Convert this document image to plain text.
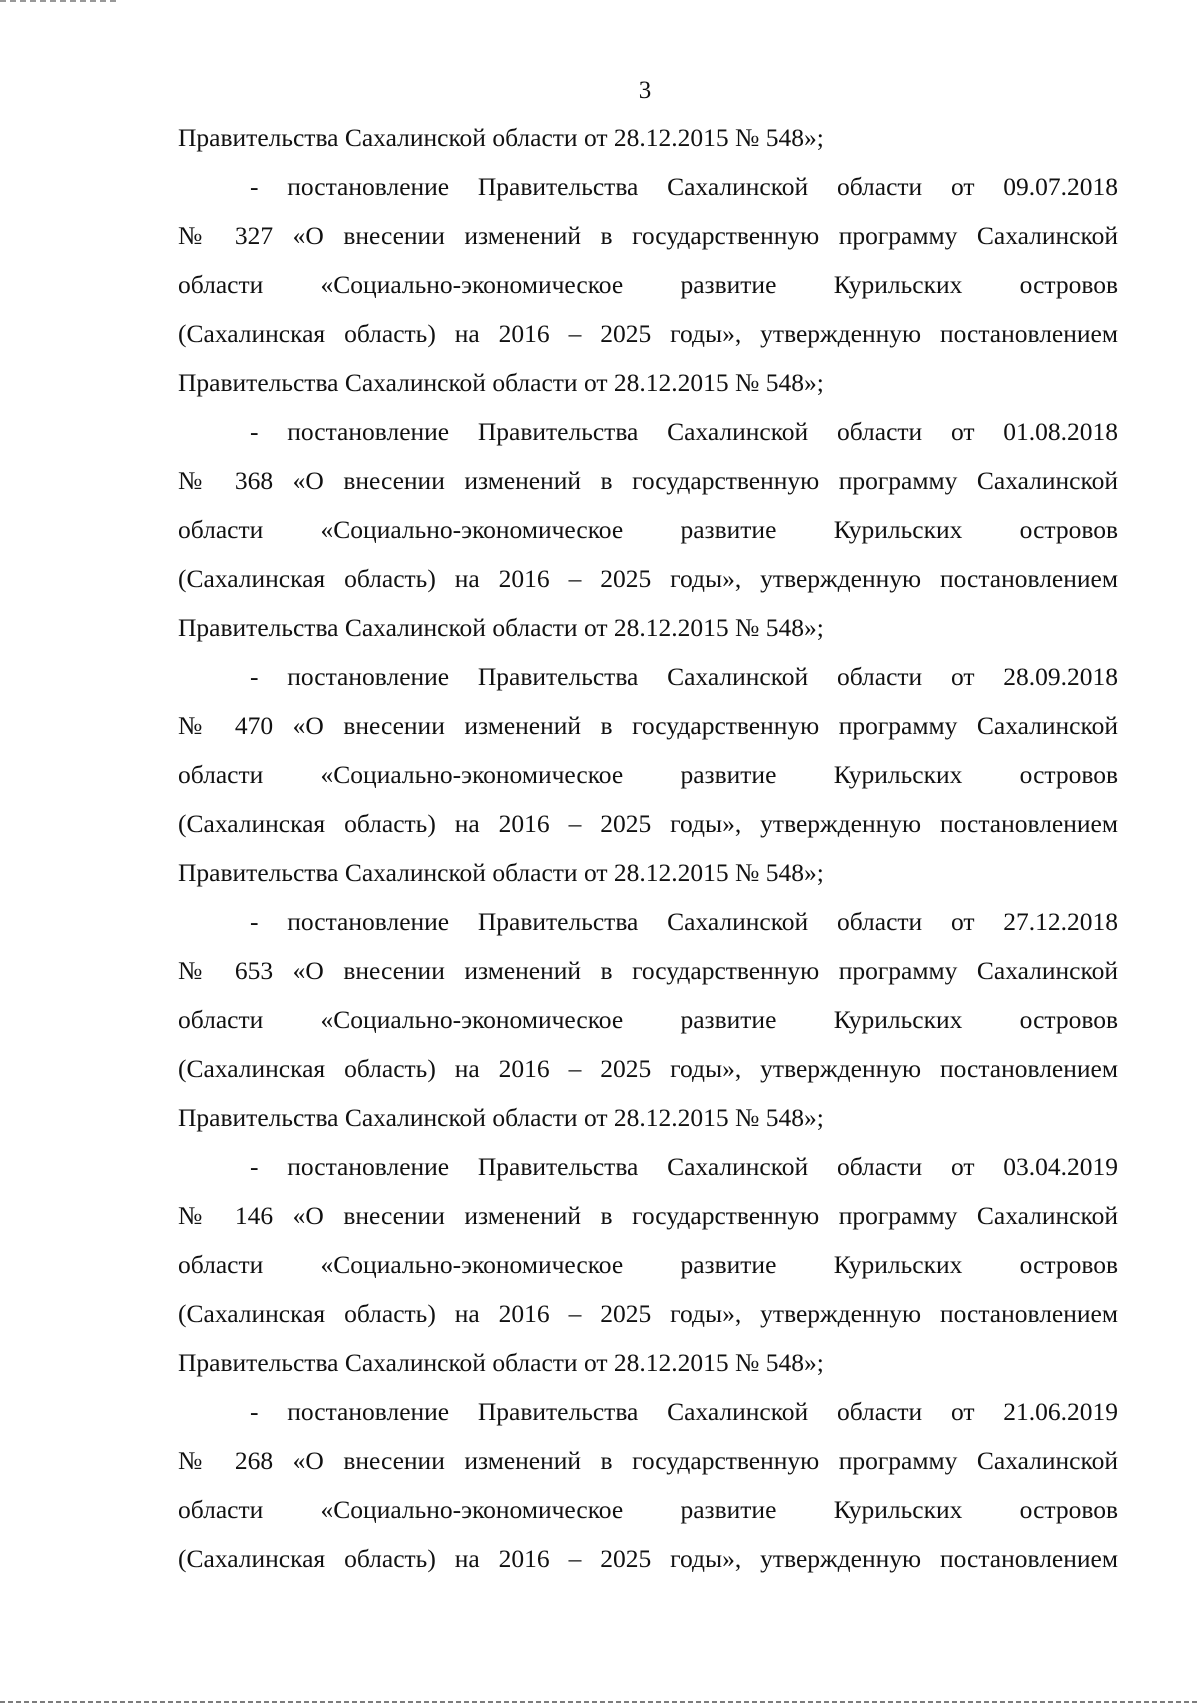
3
Правительства Сахалинской области от 28.12.2015 № 548»;
- постановление Правительства Сахалинской области от 09.07.2018
№ 327 «О внесении изменений в государственную программу Сахалинской
области «Социально-экономическое развитие Курильских островов
(Сахалинская область) на 2016 – 2025 годы», утвержденную постановлением
Правительства Сахалинской области от 28.12.2015 № 548»;
- постановление Правительства Сахалинской области от 01.08.2018
№ 368 «О внесении изменений в государственную программу Сахалинской
области «Социально-экономическое развитие Курильских островов
(Сахалинская область) на 2016 – 2025 годы», утвержденную постановлением
Правительства Сахалинской области от 28.12.2015 № 548»;
- постановление Правительства Сахалинской области от 28.09.2018
№ 470 «О внесении изменений в государственную программу Сахалинской
области «Социально-экономическое развитие Курильских островов
(Сахалинская область) на 2016 – 2025 годы», утвержденную постановлением
Правительства Сахалинской области от 28.12.2015 № 548»;
- постановление Правительства Сахалинской области от 27.12.2018
№ 653 «О внесении изменений в государственную программу Сахалинской
области «Социально-экономическое развитие Курильских островов
(Сахалинская область) на 2016 – 2025 годы», утвержденную постановлением
Правительства Сахалинской области от 28.12.2015 № 548»;
- постановление Правительства Сахалинской области от 03.04.2019
№ 146 «О внесении изменений в государственную программу Сахалинской
области «Социально-экономическое развитие Курильских островов
(Сахалинская область) на 2016 – 2025 годы», утвержденную постановлением
Правительства Сахалинской области от 28.12.2015 № 548»;
- постановление Правительства Сахалинской области от 21.06.2019
№ 268 «О внесении изменений в государственную программу Сахалинской
области «Социально-экономическое развитие Курильских островов
(Сахалинская область) на 2016 – 2025 годы», утвержденную постановлением
